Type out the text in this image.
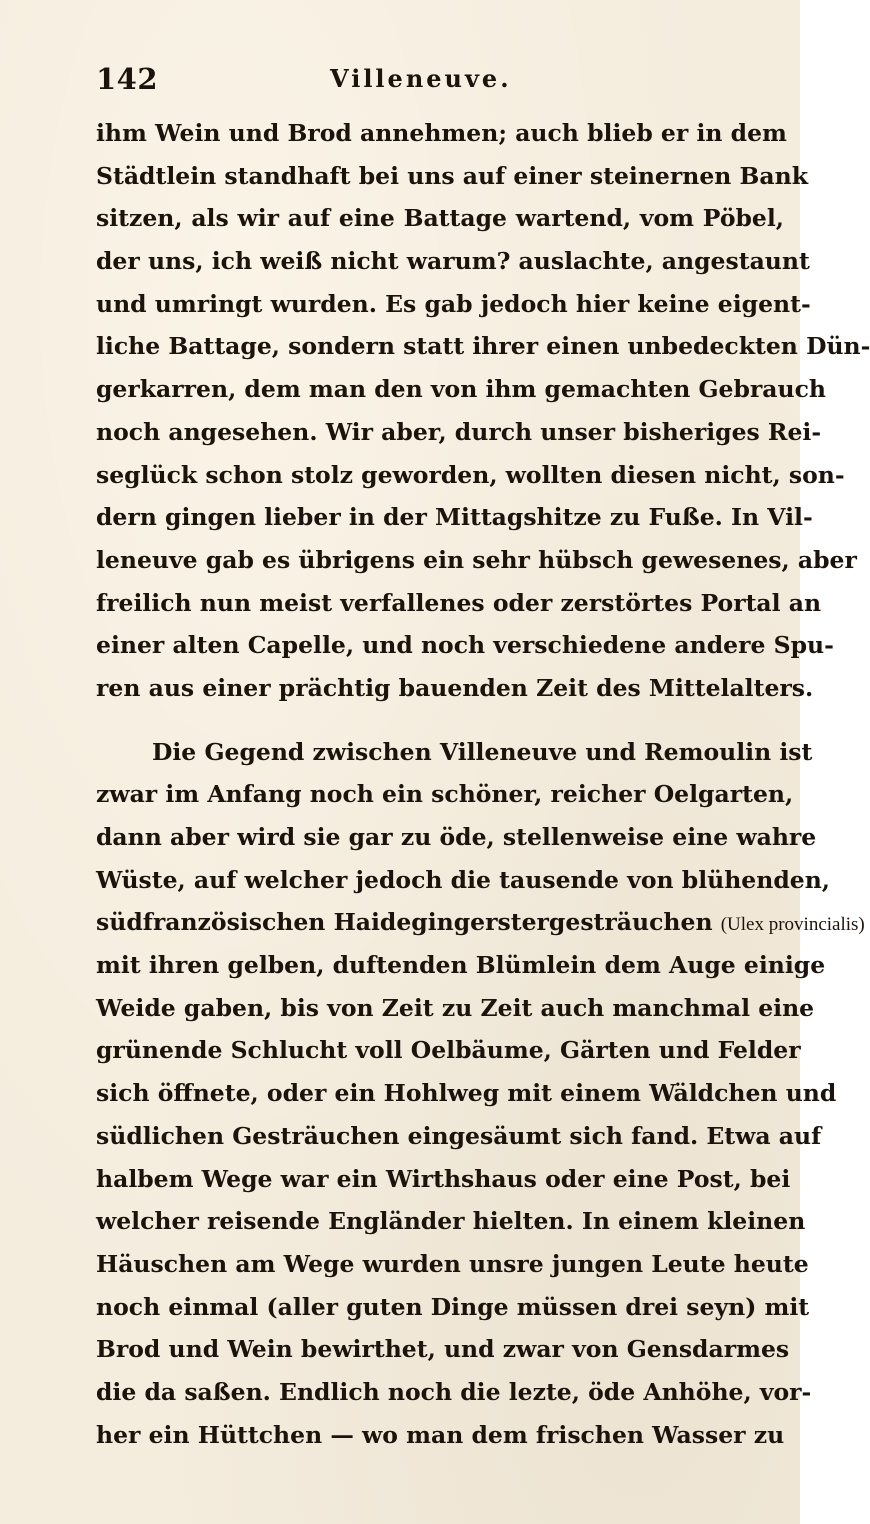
142	Villeneuve.
ihm Wein und Brod annehmen; auch blieb er in dem
Städtlein standhaft bei uns auf einer steinernen Bank
sitzen, als wir auf eine Battage wartend, vom Pöbel,
der uns, ich weiß nicht warum? auslachte, angestaunt
und umringt wurden. Es gab jedoch hier keine eigent-
liche Battage, sondern statt ihrer einen unbedeckten Dün-
gerkarren, dem man den von ihm gemachten Gebrauch
noch angesehen. Wir aber, durch unser bisheriges Rei-
seglück schon stolz geworden, wollten diesen nicht, son-
dern gingen lieber in der Mittagshitze zu Fuße. In Vil-
leneuve gab es übrigens ein sehr hübsch gewesenes, aber
freilich nun meist verfallenes oder zerstörtes Portal an
einer alten Capelle, und noch verschiedene andere Spu-
ren aus einer prächtig bauenden Zeit des Mittelalters.
Die Gegend zwischen Villeneuve und Remoulin ist
zwar im Anfang noch ein schöner, reicher Oelgarten,
dann aber wird sie gar zu öde, stellenweise eine wahre
Wüste, auf welcher jedoch die tausende von blühenden,
südfranzösischen Haidegingerstergesträuchen (Ulex provincialis)
mit ihren gelben, duftenden Blümlein dem Auge einige
Weide gaben, bis von Zeit zu Zeit auch manchmal eine
grünende Schlucht voll Oelbäume, Gärten und Felder
sich öffnete, oder ein Hohlweg mit einem Wäldchen und
südlichen Gesträuchen eingesäumt sich fand. Etwa auf
halbem Wege war ein Wirthshaus oder eine Post, bei
welcher reisende Engländer hielten. In einem kleinen
Häuschen am Wege wurden unsre jungen Leute heute
noch einmal (aller guten Dinge müssen drei seyn) mit
Brod und Wein bewirthet, und zwar von Gensdarmes
die da saßen. Endlich noch die lezte, öde Anhöhe, vor-
her ein Hüttchen — wo man dem frischen Wasser zu
